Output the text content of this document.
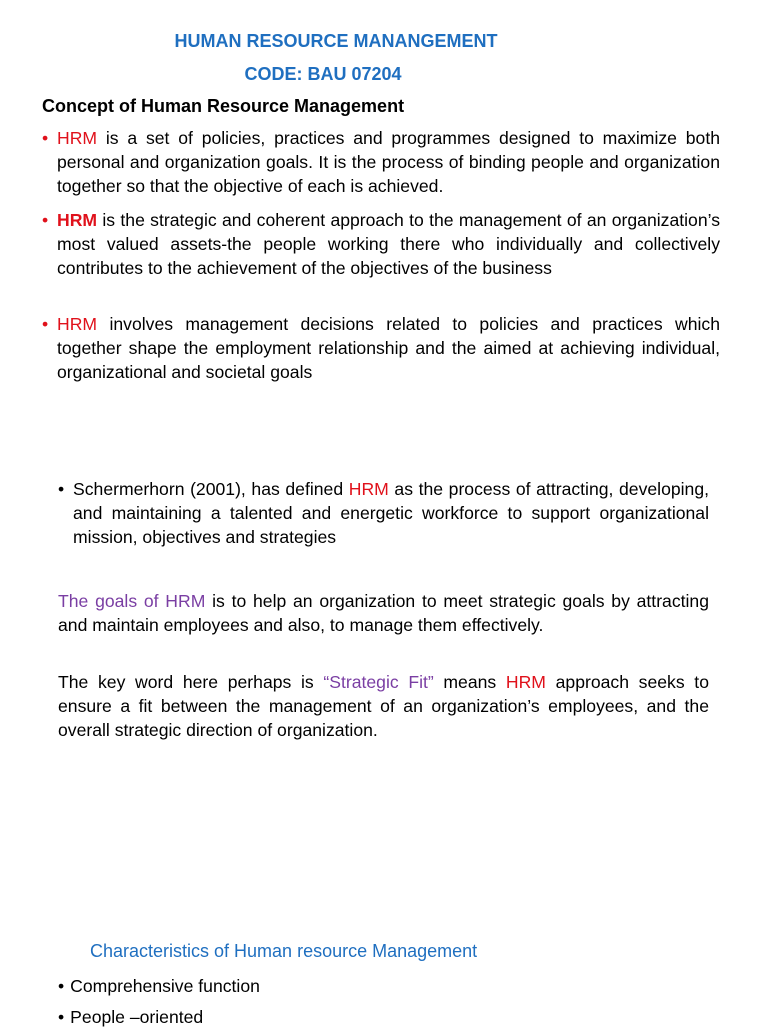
HUMAN RESOURCE MANANGEMENT
CODE: BAU 07204
Concept of Human Resource Management
• HRM is a set of policies, practices and programmes designed to maximize both personal and organization goals. It is the process of binding people and organization together so that the objective of each is achieved.
• HRM is the strategic and coherent approach to the management of an organization’s most valued assets-the people working there who individually and collectively contributes to the achievement of the objectives of the business
• HRM involves management decisions related to policies and practices which together shape the employment relationship and the aimed at achieving individual, organizational and societal goals
• Schermerhorn (2001), has defined HRM as the process of attracting, developing, and maintaining a talented and energetic workforce to support organizational mission, objectives and strategies
The goals of HRM is to help an organization to meet strategic goals by attracting and maintain employees and also, to manage them effectively.
The key word here perhaps is “Strategic Fit” means HRM approach seeks to ensure a fit between the management of an organization’s employees, and the overall strategic direction of organization.
Characteristics of Human resource Management
• Comprehensive function
• People –oriented
